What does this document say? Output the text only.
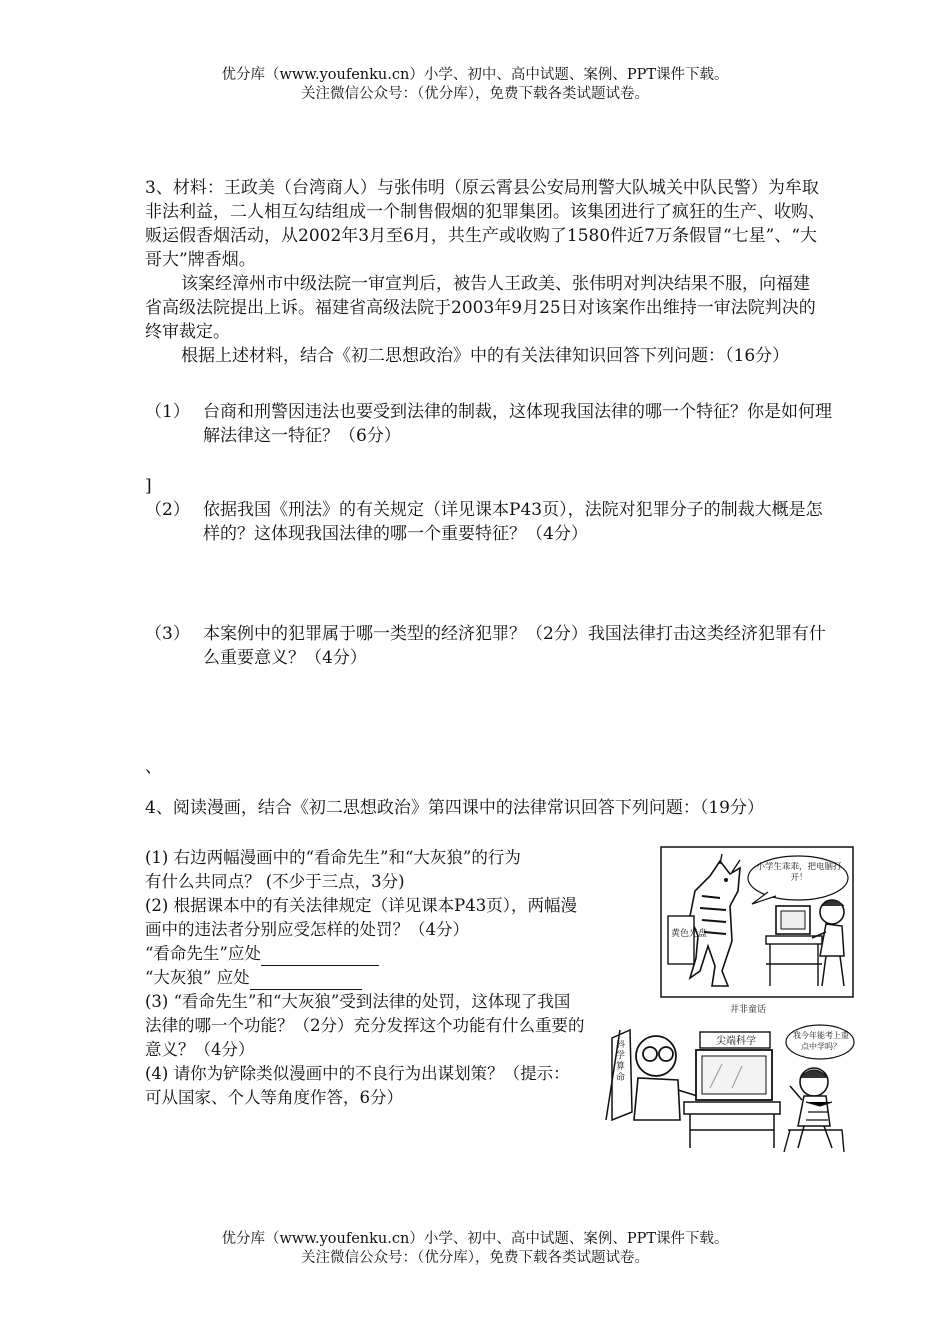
优分库（www.youfenku.cn）小学、初中、高中试题、案例、PPT课件下载。
关注微信公众号：（优分库），免费下载各类试题试卷。

3、材料：王政美（台湾商人）与张伟明（原云霄县公安局刑警大队城关中队民警）为牟取非法利益，二人相互勾结组成一个制售假烟的犯罪集团。该集团进行了疯狂的生产、收购、贩运假香烟活动，从2002年3月至6月，共生产或收购了1580件近7万条假冒“七星”、“大哥大”牌香烟。

该案经漳州市中级法院一审宣判后，被告人王政美、张伟明对判决结果不服，向福建省高级法院提出上诉。福建省高级法院于2003年9月25日对该案作出维持一审法院判决的终审裁定。

根据上述材料，结合《初二思想政治》中的有关法律知识回答下列问题：（16分）

（1） 台商和刑警因违法也要受到法律的制裁，这体现我国法律的哪一个特征？你是如何理解法律这一特征？（6分）
]
（2） 依据我国《刑法》的有关规定（详见课本P43页），法院对犯罪分子的制裁大概是怎样的？这体现我国法律的哪一个重要特征？（4分）
（3） 本案例中的犯罪属于哪一类型的经济犯罪？（2分）我国法律打击这类经济犯罪有什么重要意义？（4分）
、
4、阅读漫画，结合《初二思想政治》第四课中的法律常识回答下列问题：（19分）
(1) 右边两幅漫画中的“看命先生”和“大灰狼”的行为有什么共同点？ (不少于三点，3分)
(2) 根据课本中的有关法律规定（详见课本P43页），两幅漫画中的违法者分别应受怎样的处罚？（4分）
“看命先生”应处
“大灰狼” 应处
(3) “看命先生”和“大灰狼”受到法律的处罚，这体现了我国法律的哪一个功能？（2分）充分发挥这个功能有什么重要的意义？（4分）
(4) 请你为铲除类似漫画中的不良行为出谋划策？（提示：可从国家、个人等角度作答，6分）
黄色光盘
小学生乖乖，把电脑打开！
井非童话
科学算命
尖端科学
我今年能考上重点中学吗？
优分库（www.youfenku.cn）小学、初中、高中试题、案例、PPT课件下载。
关注微信公众号：（优分库），免费下载各类试题试卷。
